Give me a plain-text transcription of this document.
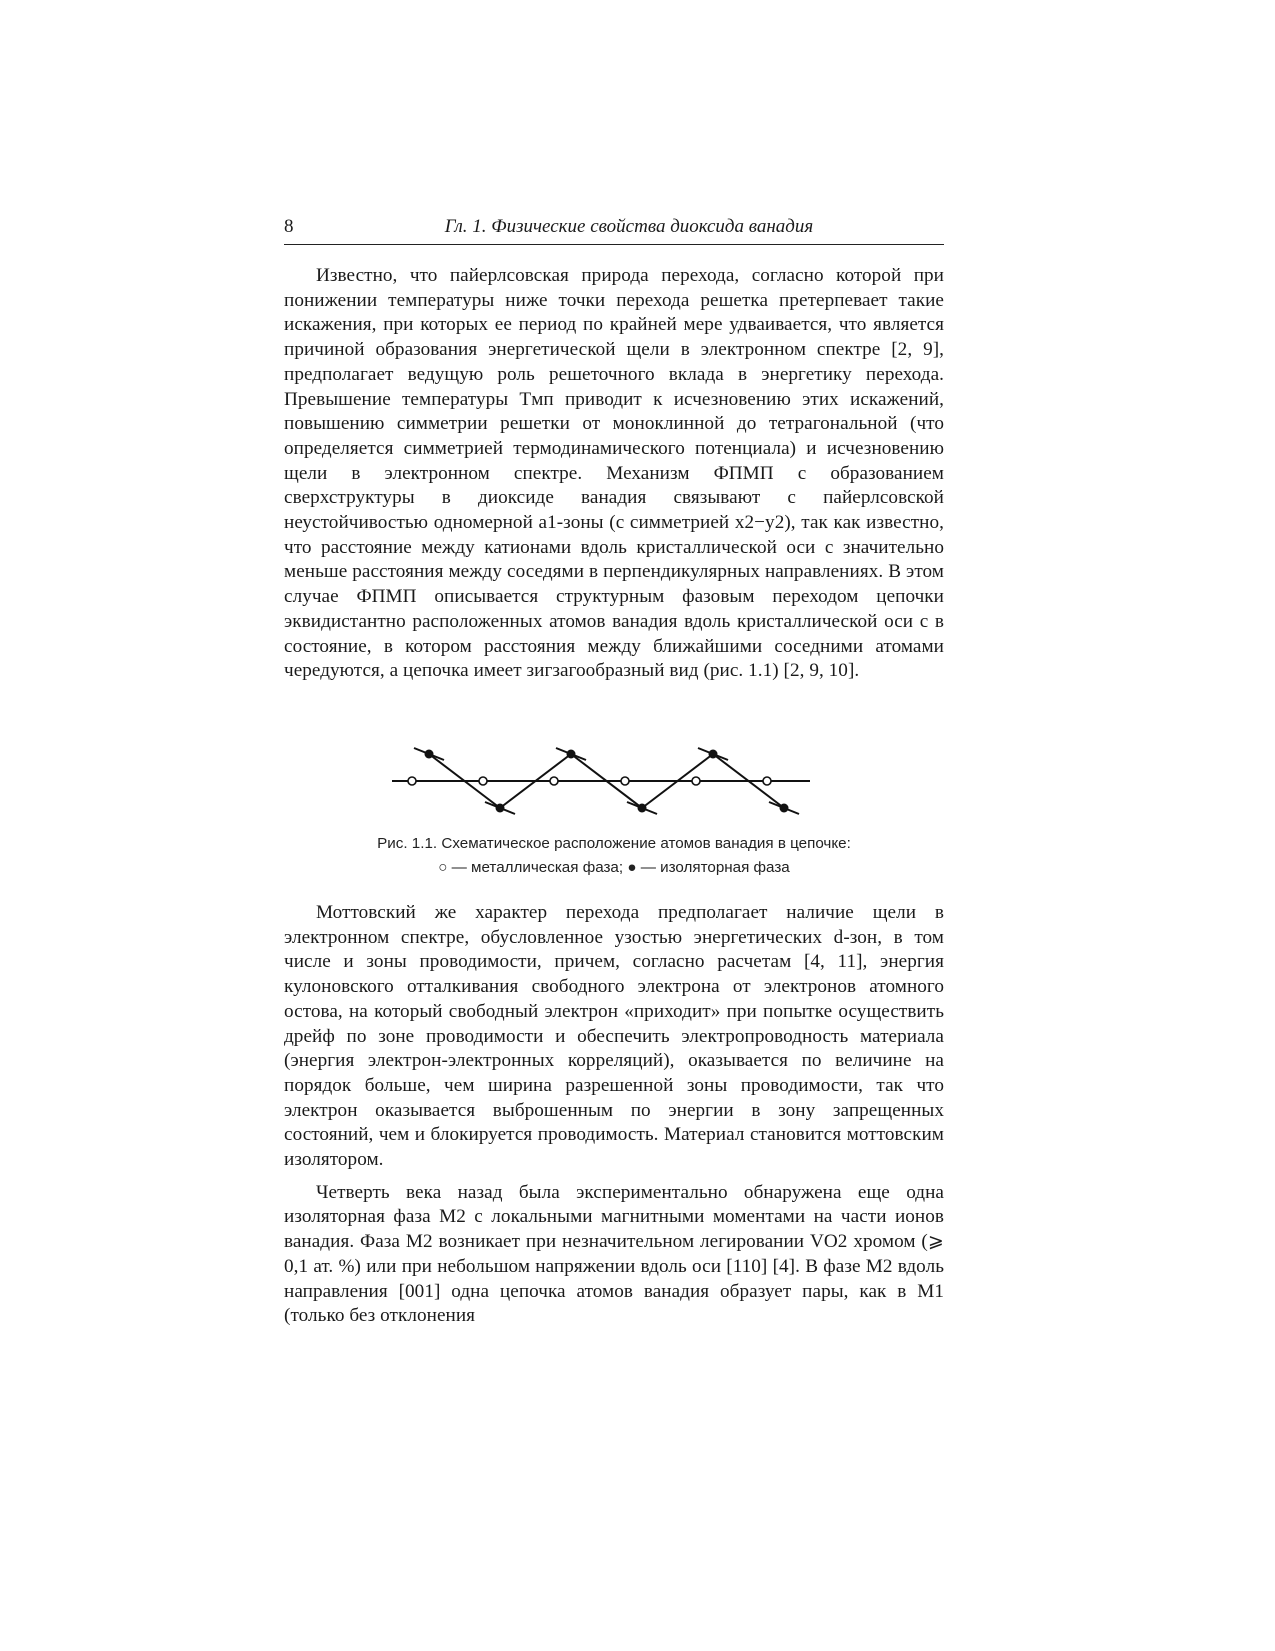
8	Гл. 1. Физические свойства диоксида ванадия

Известно, что пайерлсовская природа перехода, согласно которой при понижении температуры ниже точки перехода решетка претерпевает такие искажения, при которых ее период по крайней мере удваивается, что является причиной образования энергетической щели в электронном спектре [2, 9], предполагает ведущую роль решеточного вклада в энергетику перехода. Превышение температуры Tмп приводит к исчезновению этих искажений, повышению симметрии решетки от моноклинной до тетрагональной (что определяется симметрией термодинамического потенциала) и исчезновению щели в электронном спектре. Механизм ФПМП с образованием сверхструктуры в диоксиде ванадия связывают с пайерлсовской неустойчивостью одномерной a1-зоны (с симметрией x2−y2), так как известно, что расстояние между катионами вдоль кристаллической оси c значительно меньше расстояния между соседями в перпендикулярных направлениях. В этом случае ФПМП описывается структурным фазовым переходом цепочки эквидистантно расположенных атомов ванадия вдоль кристаллической оси c в состояние, в котором расстояния между ближайшими соседними атомами чередуются, а цепочка имеет зигзагообразный вид (рис. 1.1) [2, 9, 10].

Рис. 1.1. Схематическое расположение атомов ванадия в цепочке:
○ — металлическая фаза; ● — изоляторная фаза

Моттовский же характер перехода предполагает наличие щели в электронном спектре, обусловленное узостью энергетических d-зон, в том числе и зоны проводимости, причем, согласно расчетам [4, 11], энергия кулоновского отталкивания свободного электрона от электронов атомного остова, на который свободный электрон «приходит» при попытке осуществить дрейф по зоне проводимости и обеспечить электропроводность материала (энергия электрон-электронных корреляций), оказывается по величине на порядок больше, чем ширина разрешенной зоны проводимости, так что электрон оказывается выброшенным по энергии в зону запрещенных состояний, чем и блокируется проводимость. Материал становится моттовским изолятором.

Четверть века назад была экспериментально обнаружена еще одна изоляторная фаза M2 с локальными магнитными моментами на части ионов ванадия. Фаза M2 возникает при незначительном легировании VO2 хромом (⩾ 0,1 ат. %) или при небольшом напряжении вдоль оси [110] [4]. В фазе M2 вдоль направления [001] одна цепочка атомов ванадия образует пары, как в M1 (только без отклонения
